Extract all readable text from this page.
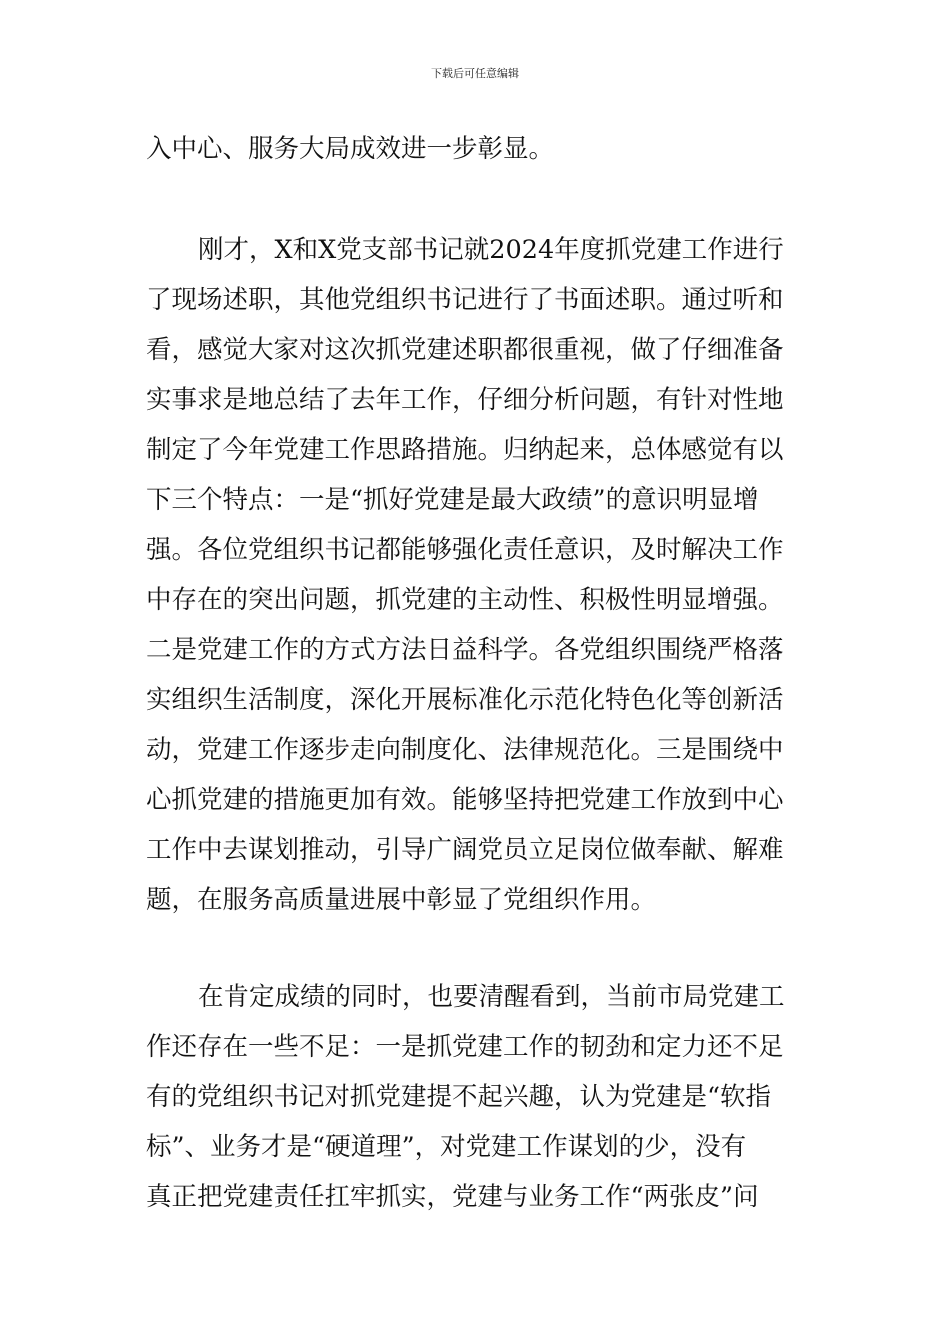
下载后可任意编辑
入中心、服务大局成效进一步彰显。
刚才，X和X党支部书记就2024年度抓党建工作进行
了现场述职，其他党组织书记进行了书面述职。通过听和
看，感觉大家对这次抓党建述职都很重视，做了仔细准备
实事求是地总结了去年工作，仔细分析问题，有针对性地
制定了今年党建工作思路措施。归纳起来，总体感觉有以
下三个特点：一是“抓好党建是最大政绩”的意识明显增
强。各位党组织书记都能够强化责任意识，及时解决工作
中存在的突出问题，抓党建的主动性、积极性明显增强。
二是党建工作的方式方法日益科学。各党组织围绕严格落
实组织生活制度，深化开展标准化示范化特色化等创新活
动，党建工作逐步走向制度化、法律规范化。三是围绕中
心抓党建的措施更加有效。能够坚持把党建工作放到中心
工作中去谋划推动，引导广阔党员立足岗位做奉献、解难
题，在服务高质量进展中彰显了党组织作用。
在肯定成绩的同时，也要清醒看到，当前市局党建工
作还存在一些不足：一是抓党建工作的韧劲和定力还不足
有的党组织书记对抓党建提不起兴趣，认为党建是“软指
标”、业务才是“硬道理”，对党建工作谋划的少，没有
真正把党建责任扛牢抓实，党建与业务工作“两张皮”问
